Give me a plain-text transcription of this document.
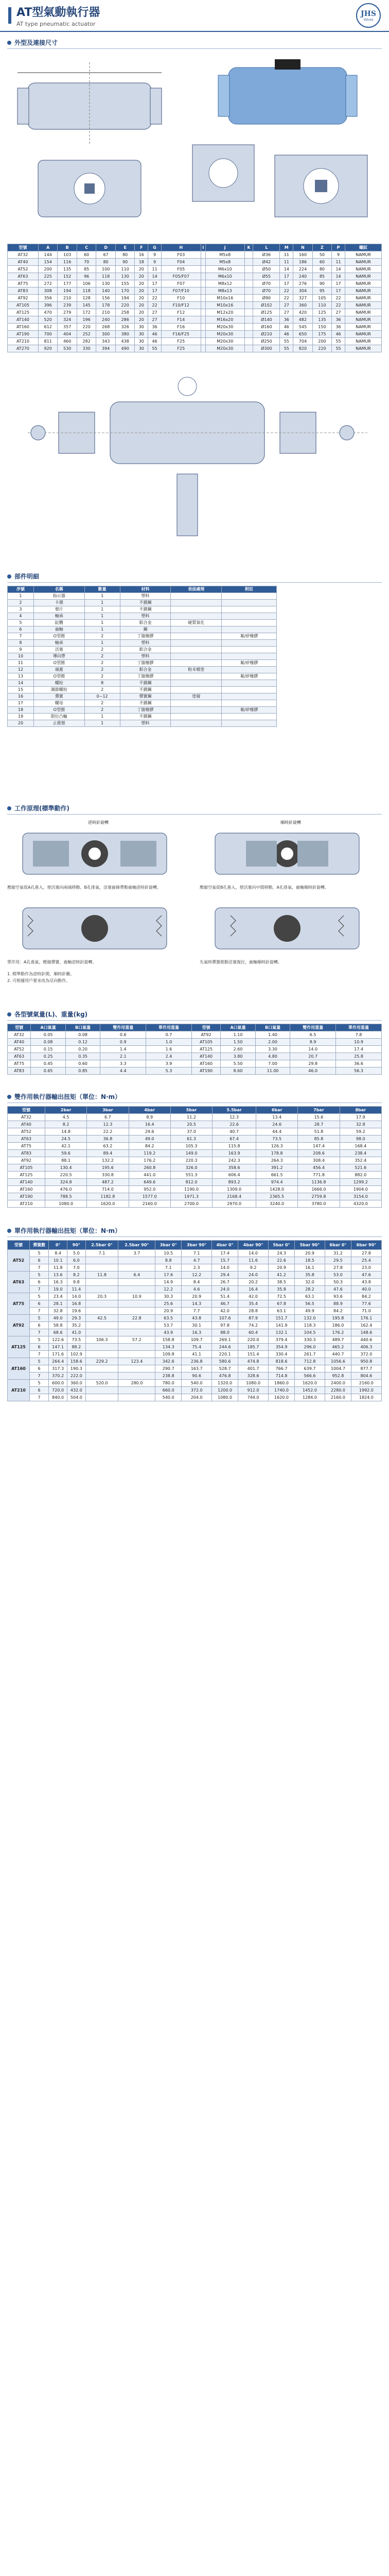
AT型氣動執行器
AT type pneumatic actuator
JHS
Valves
外型及連接尺寸
型號	A	B	C	D	E	F	G	H	I	J	K	L	M	N	Z	P	螺紋
AT32	144	103	60	67	80	16	9	F03		M5x8		Ø36	11	160	50	9	NAMUR
AT40	154	116	70	80	90	18	9	F04		M5x8		Ø42	11	186	60	11	NAMUR
AT52	200	135	85	100	110	20	11	F05		M6x10		Ø50	14	224	80	14	NAMUR
AT63	225	152	96	118	130	20	14	F05/F07		M6x10		Ø55	17	240	85	14	NAMUR
AT75	272	177	106	130	155	20	17	F07		M8x12		Ø70	17	276	90	17	NAMUR
AT83	308	194	118	140	170	20	17	F07/F10		M8x13		Ø70	22	304	95	17	NAMUR
AT92	356	210	128	156	194	20	22	F10		M10x16		Ø90	22	327	105	22	NAMUR
AT105	396	239	145	178	220	20	22	F10/F12		M10x16		Ø102	27	360	110	22	NAMUR
AT125	470	279	172	210	258	20	27	F12		M12x20		Ø125	27	420	125	27	NAMUR
AT140	520	324	196	240	286	20	27	F14		M16x20		Ø140	36	482	135	36	NAMUR
AT160	612	357	220	268	326	30	36	F16		M20x30		Ø160	46	545	150	36	NAMUR
AT190	700	404	252	300	380	30	46	F16/F25		M20x30		Ø210	46	650	175	46	NAMUR
AT210	811	460	282	343	438	30	46	F25		M20x30		Ø250	55	704	200	55	NAMUR
AT270	920	530	330	394	490	30	55	F25		M20x30		Ø300	55	820	220	55	NAMUR
部件明細
序號	名稱	數量	材料	表面處理	附註
1	指示器	1	塑料		
2	卡環	1	不銹鋼		
3	墊片	1	不銹鋼		
4	軸承	1	塑料		
5	缸體	1	鋁合金	硬質氧化	
6	齒軸	1	鋼		
7	O型圈	2	丁腈橡膠		氟/矽橡膠
8	軸承	1	塑料		
9	活塞	2	鋁合金		
10	導向帶	2	塑料		
11	O型圈	2	丁腈橡膠		氟/矽橡膠
12	端蓋	2	鋁合金	粉末噴塗	
13	O型圈	2	丁腈橡膠		氟/矽橡膠
14	螺栓	8	不銹鋼		
15	調節螺栓	2	不銹鋼		
16	彈簧	0~12	彈簧鋼	塗層	
17	螺母	2	不銹鋼		
18	O型圈	2	丁腈橡膠		氟/矽橡膠
19	限位凸輪	1	不銹鋼		
20	止推墊	1	塑料		
工作原理(標準動作)
逆時針旋轉
壓縮空氣從A孔進入，使活塞向兩端移動，B孔排氣，活塞齒條帶動齒軸逆時針旋轉。
順時針旋轉
壓縮空氣從B孔進入，使活塞向中間移動，A孔排氣，齒軸順時針旋轉。
單作用：A孔進氣，壓縮彈簧，齒軸逆時針旋轉。	失氣時彈簧推動活塞復位，齒軸順時針旋轉。
1. 標準動作為逆時針開、順時針關。
2. 可根據用戶要求改為反向動作。
各型號氣量(L)、重量(kg)
型號	A口氣量	B口氣量	雙作用重量	單作用重量	型號	A口氣量	B口氣量	雙作用重量	單作用重量
AT32	0.05	0.08	0.6	0.7	AT92	1.10	1.40	6.5	7.8
AT40	0.08	0.12	0.9	1.0	AT105	1.50	2.00	8.9	10.9
AT52	0.15	0.20	1.4	1.6	AT125	2.60	3.30	14.0	17.4
AT63	0.25	0.35	2.1	2.4	AT140	3.80	4.80	20.7	25.8
AT75	0.45	0.60	3.3	3.9	AT160	5.50	7.00	29.8	36.6
AT83	0.65	0.85	4.4	5.3	AT190	8.60	11.00	46.0	56.3
雙作用執行器輸出扭矩（單位：N·m）
型號	2bar	3bar	4bar	5bar	5.5bar	6bar	7bar	8bar
AT32	4.5	6.7	8.9	11.2	12.3	13.4	15.6	17.9
AT40	8.2	12.3	16.4	20.5	22.6	24.6	28.7	32.8
AT52	14.8	22.2	29.6	37.0	40.7	44.4	51.8	59.2
AT63	24.5	36.8	49.0	61.3	67.4	73.5	85.8	98.0
AT75	42.1	63.2	84.2	105.3	115.8	126.3	147.4	168.4
AT83	59.6	89.4	119.2	149.0	163.9	178.8	208.6	238.4
AT92	88.1	132.2	176.2	220.3	242.3	264.3	308.4	352.4
AT105	130.4	195.6	260.8	326.0	358.6	391.2	456.4	521.6
AT125	220.5	330.8	441.0	551.3	606.4	661.5	771.8	882.0
AT140	324.8	487.2	649.6	812.0	893.2	974.4	1136.8	1299.2
AT160	476.0	714.0	952.0	1190.0	1309.0	1428.0	1666.0	1904.0
AT190	788.5	1182.8	1577.0	1971.3	2168.4	2365.5	2759.8	3154.0
AT210	1080.0	1620.0	2160.0	2700.0	2970.0	3240.0	3780.0	4320.0
單作用執行器輸出扭矩（單位：N·m）
型號	彈簧數	0°	90°	2.5bar 0°	2.5bar 90°	3bar 0°	3bar 90°	4bar 0°	4bar 90°	5bar 0°	5bar 90°	6bar 0°	6bar 90°
AT52	5	8.4	5.0	7.1	3.7	10.5	7.1	17.4	14.0	24.3	20.9	31.2	27.8
	6	10.1	6.0			8.8	4.7	15.7	11.6	22.6	18.5	29.5	25.4
	7	11.8	7.0			7.1	2.3	14.0	9.2	20.9	16.1	27.8	23.0
AT63	5	13.6	8.2	11.8	6.4	17.6	12.2	29.4	24.0	41.2	35.8	53.0	47.6
	6	16.3	9.8			14.9	8.4	26.7	20.2	38.5	32.0	50.3	43.8
	7	19.0	11.4			12.2	4.6	24.0	16.4	35.8	28.2	47.6	40.0
AT75	5	23.4	14.0	20.3	10.9	30.3	20.9	51.4	42.0	72.5	63.1	93.6	84.2
	6	28.1	16.8			25.6	14.3	46.7	35.4	67.8	56.5	88.9	77.6
	7	32.8	19.6			20.9	7.7	42.0	28.8	63.1	49.9	84.2	71.0
AT92	5	49.0	29.3	42.5	22.8	63.5	43.8	107.6	87.9	151.7	132.0	195.8	176.1
	6	58.8	35.2			53.7	30.1	97.8	74.2	141.9	118.3	186.0	162.4
	7	68.6	41.0			43.9	16.3	88.0	60.4	132.1	104.5	176.2	148.6
AT125	5	122.6	73.5	106.3	57.2	158.8	109.7	269.1	220.0	379.4	330.3	489.7	440.6
	6	147.1	88.2			134.3	75.4	244.6	185.7	354.9	296.0	465.2	406.3
	7	171.6	102.9			109.8	41.1	220.1	151.4	330.4	261.7	440.7	372.0
AT160	5	264.4	158.6	229.2	123.4	342.6	236.8	580.6	474.8	818.6	712.8	1056.6	950.8
	6	317.3	190.3			290.7	163.7	528.7	401.7	766.7	639.7	1004.7	877.7
	7	370.2	222.0			238.8	90.6	476.8	328.6	714.8	566.6	952.8	804.6
AT210	5	600.0	360.0	520.0	280.0	780.0	540.0	1320.0	1080.0	1860.0	1620.0	2400.0	2160.0
	6	720.0	432.0			660.0	372.0	1200.0	912.0	1740.0	1452.0	2280.0	1992.0
	7	840.0	504.0			540.0	204.0	1080.0	744.0	1620.0	1284.0	2160.0	1824.0
